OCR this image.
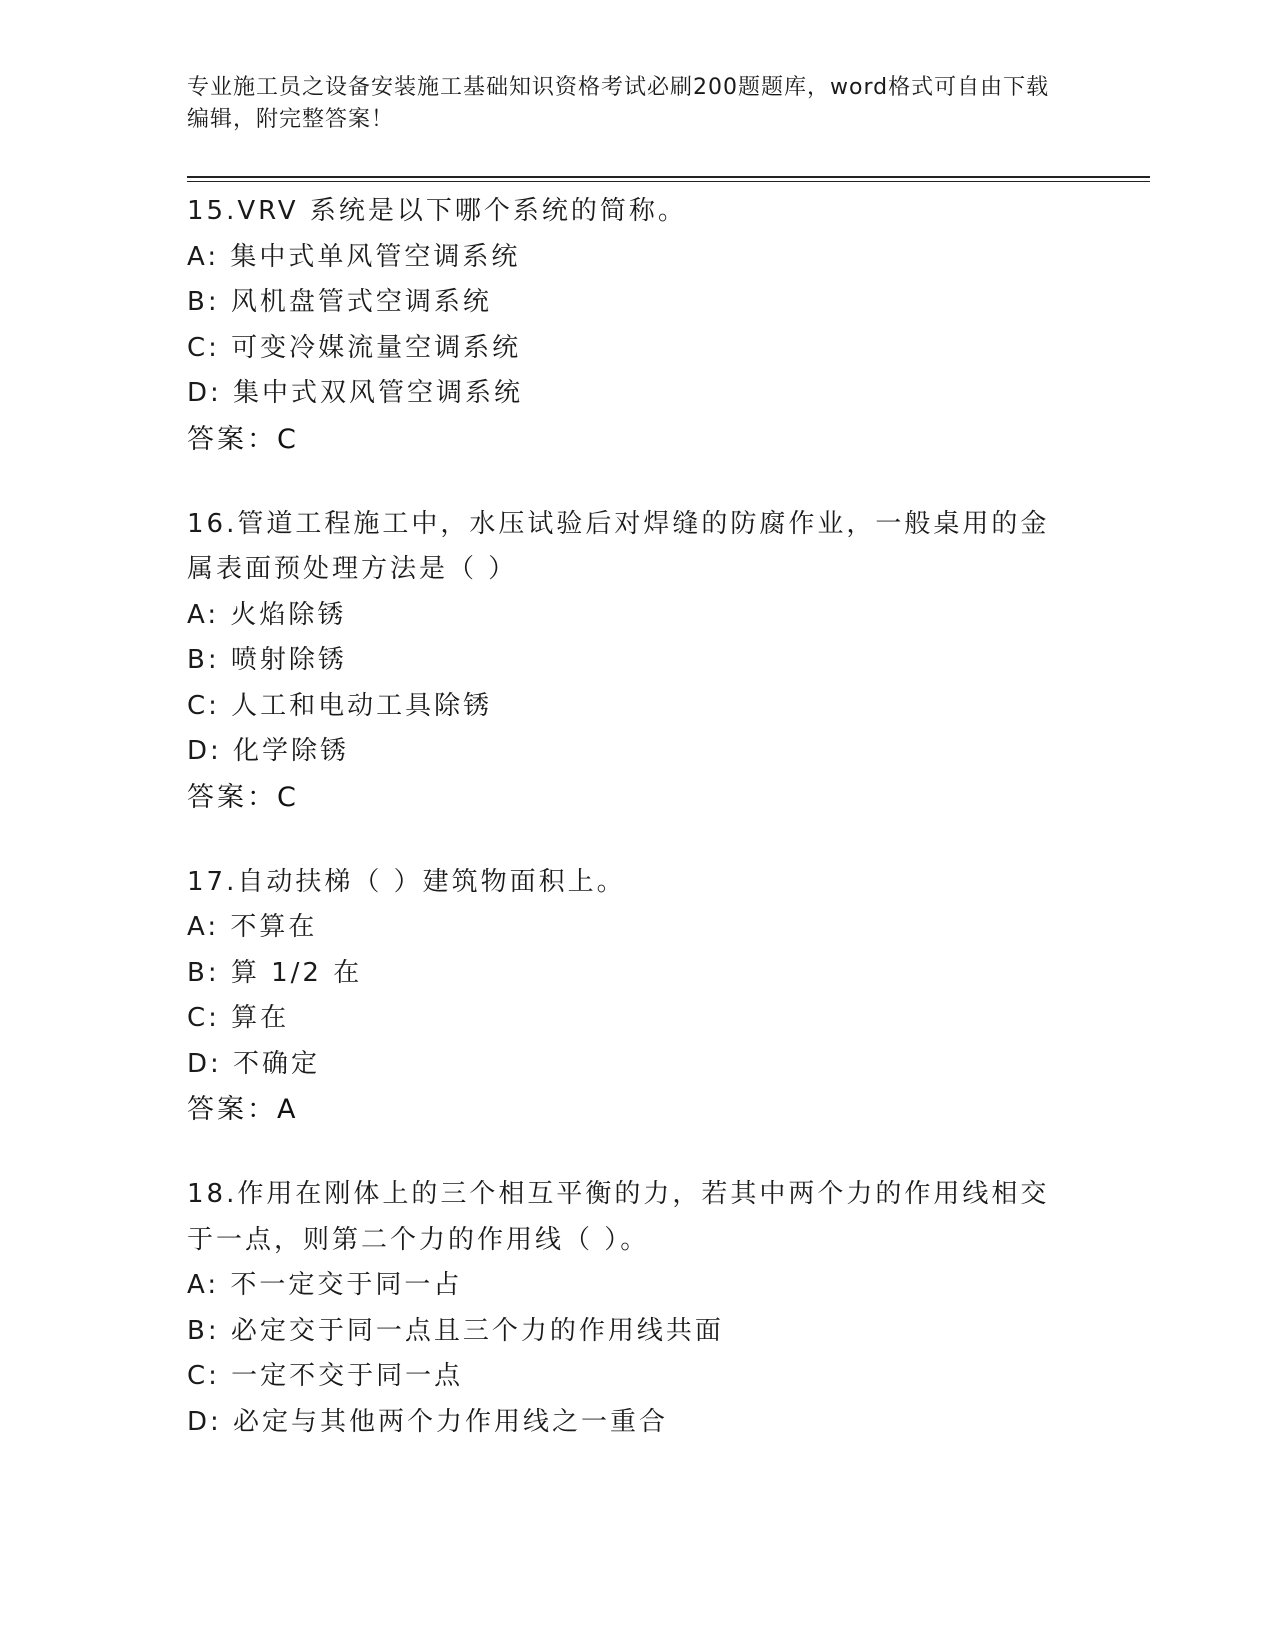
专业施工员之设备安装施工基础知识资格考试必刷200题题库，word格式可自由下载编辑，附完整答案！
15.VRV 系统是以下哪个系统的简称。
A: 集中式单风管空调系统
B: 风机盘管式空调系统
C: 可变冷媒流量空调系统
D: 集中式双风管空调系统
答案：C
16.管道工程施工中，水压试验后对焊缝的防腐作业，一般桌用的金属表面预处理方法是（ ）
A: 火焰除锈
B: 喷射除锈
C: 人工和电动工具除锈
D: 化学除锈
答案：C
17.自动扶梯（ ）建筑物面积上。
A: 不算在
B: 算 1/2 在
C: 算在
D: 不确定
答案：A
18.作用在刚体上的三个相互平衡的力，若其中两个力的作用线相交于一点，则第二个力的作用线（ ）。
A: 不一定交于同一占
B: 必定交于同一点且三个力的作用线共面
C: 一定不交于同一点
D: 必定与其他两个力作用线之一重合
